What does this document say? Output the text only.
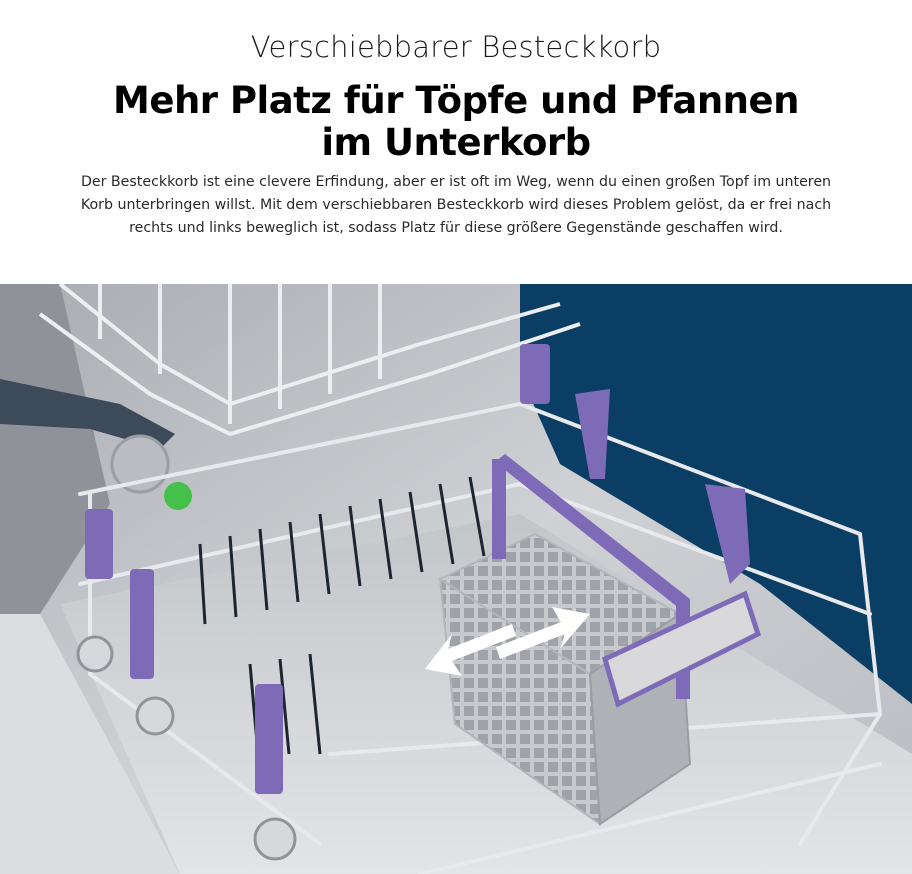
Verschiebbarer Besteckkorb
Mehr Platz für Töpfe und Pfannen
im Unterkorb
Der Besteckkorb ist eine clevere Erfindung, aber er ist oft im Weg, wenn du einen großen Topf im unteren Korb unterbringen willst. Mit dem verschiebbaren Besteckkorb wird dieses Problem gelöst, da er frei nach rechts und links beweglich ist, sodass Platz für diese größere Gegenstände geschaffen wird.
